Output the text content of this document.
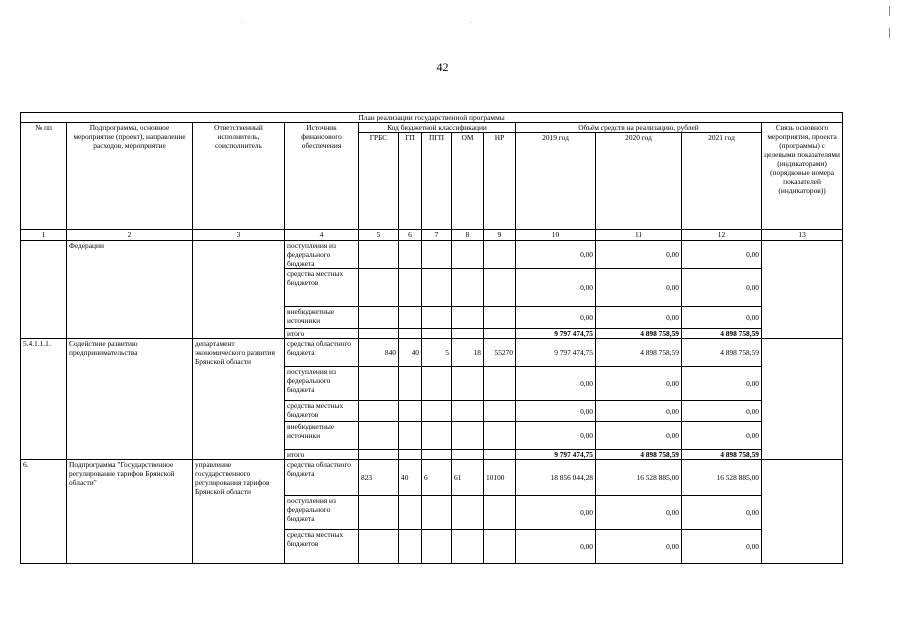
42
План реализации государственной программы												
№ пп	Подпрограмма, основное мероприятие (проект), направление расходов, мероприятие	Ответственный исполнитель, соисполнитель	Источник финансового обеспечения	Код бюджетной классификации					Объём средств на реализацию, рублей			Связь основного мероприятия, проекта (программы) с целевыми показателями (индикаторами) (порядковые номера показателей (индикаторов))
				ГРБС	ГП	ПГП	ОМ	НР	2019 год	2020 год	2021 год	
1	2	3	4	5	6	7	8	9	10	11	12	13
	Федерации		поступления из федерального бюджета						0,00	0,00	0,00	
			средства местных бюджетов						0,00	0,00	0,00	
			внебюджетные источники						0,00	0,00	0,00	
			итого						9 797 474,75	4 898 758,59	4 898 758,59	
5.4.1.1.1.	Содействие развитию предпринимательства	департамент экономического развития Брянской области	средства областного бюджета	840	40	5	18	55270	9 797 474,75	4 898 758,59	4 898 758,59	
			поступления из федерального бюджета						0,00	0,00	0,00	
			средства местных бюджетов						0,00	0,00	0,00	
			внебюджетные источники						0,00	0,00	0,00	
			итого						9 797 474,75	4 898 758,59	4 898 758,59	
6.	Подпрограмма "Государственное регулирование тарифов Брянской области"	управление государственного регулирования тарифов Брянской области	средства областного бюджета	823	40	6	61	10100	18 856 044,28	16 528 885,00	16 528 885,00	
			поступления из федерального бюджета						0,00	0,00	0,00	
			средства местных бюджетов						0,00	0,00	0,00	
